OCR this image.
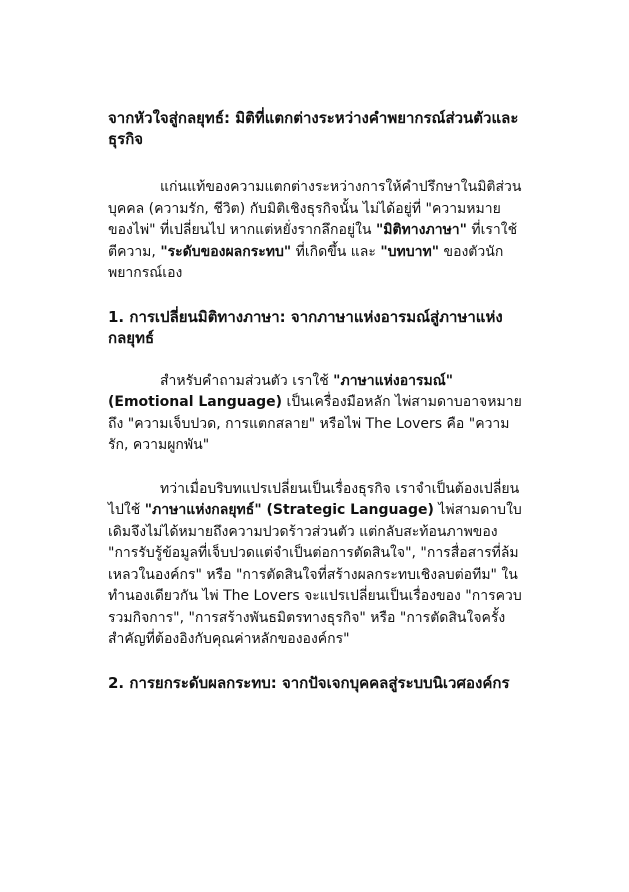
จากหัวใจสู่กลยุทธ์: มิติที่แตกต่างระหว่างคำพยากรณ์ส่วนตัวและธุรกิจ

แก่นแท้ของความแตกต่างระหว่างการให้คำปรึกษาในมิติส่วนบุคคล (ความรัก, ชีวิต) กับมิติเชิงธุรกิจนั้น ไม่ได้อยู่ที่ "ความหมายของไพ่" ที่เปลี่ยนไป หากแต่หยั่งรากลึกอยู่ใน "มิติทางภาษา" ที่เราใช้ตีความ, "ระดับของผลกระทบ" ที่เกิดขึ้น และ "บทบาท" ของตัวนักพยากรณ์เอง

1. การเปลี่ยนมิติทางภาษา: จากภาษาแห่งอารมณ์สู่ภาษาแห่งกลยุทธ์

สำหรับคำถามส่วนตัว เราใช้ "ภาษาแห่งอารมณ์" (Emotional Language) เป็นเครื่องมือหลัก ไพ่สามดาบอาจหมายถึง "ความเจ็บปวด, การแตกสลาย" หรือไพ่ The Lovers คือ "ความรัก, ความผูกพัน"

ทว่าเมื่อบริบทแปรเปลี่ยนเป็นเรื่องธุรกิจ เราจำเป็นต้องเปลี่ยนไปใช้ "ภาษาแห่งกลยุทธ์" (Strategic Language) ไพ่สามดาบใบเดิมจึงไม่ได้หมายถึงความปวดร้าวส่วนตัว แต่กลับสะท้อนภาพของ "การรับรู้ข้อมูลที่เจ็บปวดแต่จำเป็นต่อการตัดสินใจ", "การสื่อสารที่ล้มเหลวในองค์กร" หรือ "การตัดสินใจที่สร้างผลกระทบเชิงลบต่อทีม" ในทำนองเดียวกัน ไพ่ The Lovers จะแปรเปลี่ยนเป็นเรื่องของ "การควบรวมกิจการ", "การสร้างพันธมิตรทางธุรกิจ" หรือ "การตัดสินใจครั้งสำคัญที่ต้องอิงกับคุณค่าหลักขององค์กร"

2. การยกระดับผลกระทบ: จากปัจเจกบุคคลสู่ระบบนิเวศองค์กร
